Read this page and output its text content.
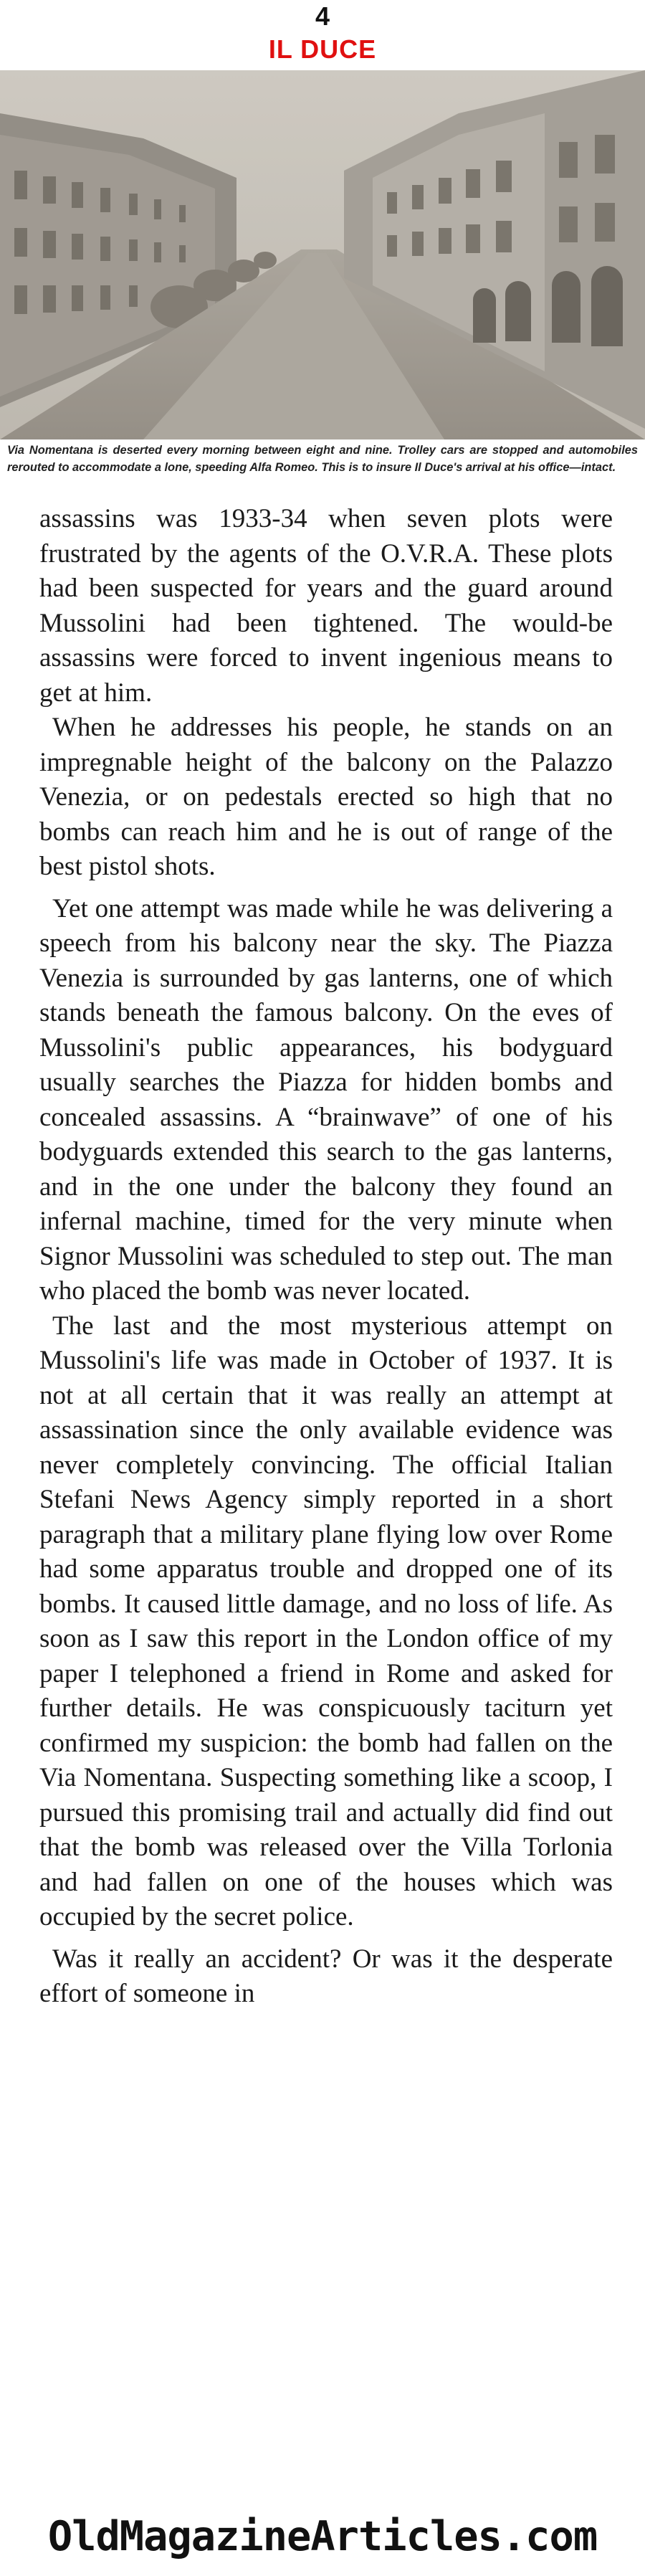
4
IL DUCE

Via Nomentana is deserted every morning between eight and nine. Trolley cars are stopped and automobiles rerouted to accommodate a lone, speeding Alfa Romeo. This is to insure Il Duce's arrival at his office—intact.

assassins was 1933-34 when seven plots were frustrated by the agents of the O.V.R.A. These plots had been suspected for years and the guard around Mussolini had been tightened. The would-be assassins were forced to invent ingenious means to get at him.

When he addresses his people, he stands on an impregnable height of the balcony on the Palazzo Venezia, or on pedestals erected so high that no bombs can reach him and he is out of range of the best pistol shots.

Yet one attempt was made while he was delivering a speech from his balcony near the sky. The Piazza Venezia is surrounded by gas lanterns, one of which stands beneath the famous balcony. On the eves of Mussolini's public appearances, his bodyguard usually searches the Piazza for hidden bombs and concealed assassins. A “brainwave” of one of his bodyguards extended this search to the gas lanterns, and in the one under the balcony they found an infernal machine, timed for the very minute when Signor Mussolini was scheduled to step out. The man who placed the bomb was never located.

The last and the most mysterious attempt on Mussolini's life was made in October of 1937. It is not at all certain that it was really an attempt at assassination since the only available evidence was never completely convincing. The official Italian Stefani News Agency simply reported in a short paragraph that a military plane flying low over Rome had some apparatus trouble and dropped one of its bombs. It caused little damage, and no loss of life. As soon as I saw this report in the London office of my paper I telephoned a friend in Rome and asked for further details. He was conspicuously taciturn yet confirmed my suspicion: the bomb had fallen on the Via Nomentana. Suspecting something like a scoop, I pursued this promising trail and actually did find out that the bomb was released over the Villa Torlonia and had fallen on one of the houses which was occupied by the secret police.

Was it really an accident? Or was it the desperate effort of someone in

OldMagazineArticles.com
